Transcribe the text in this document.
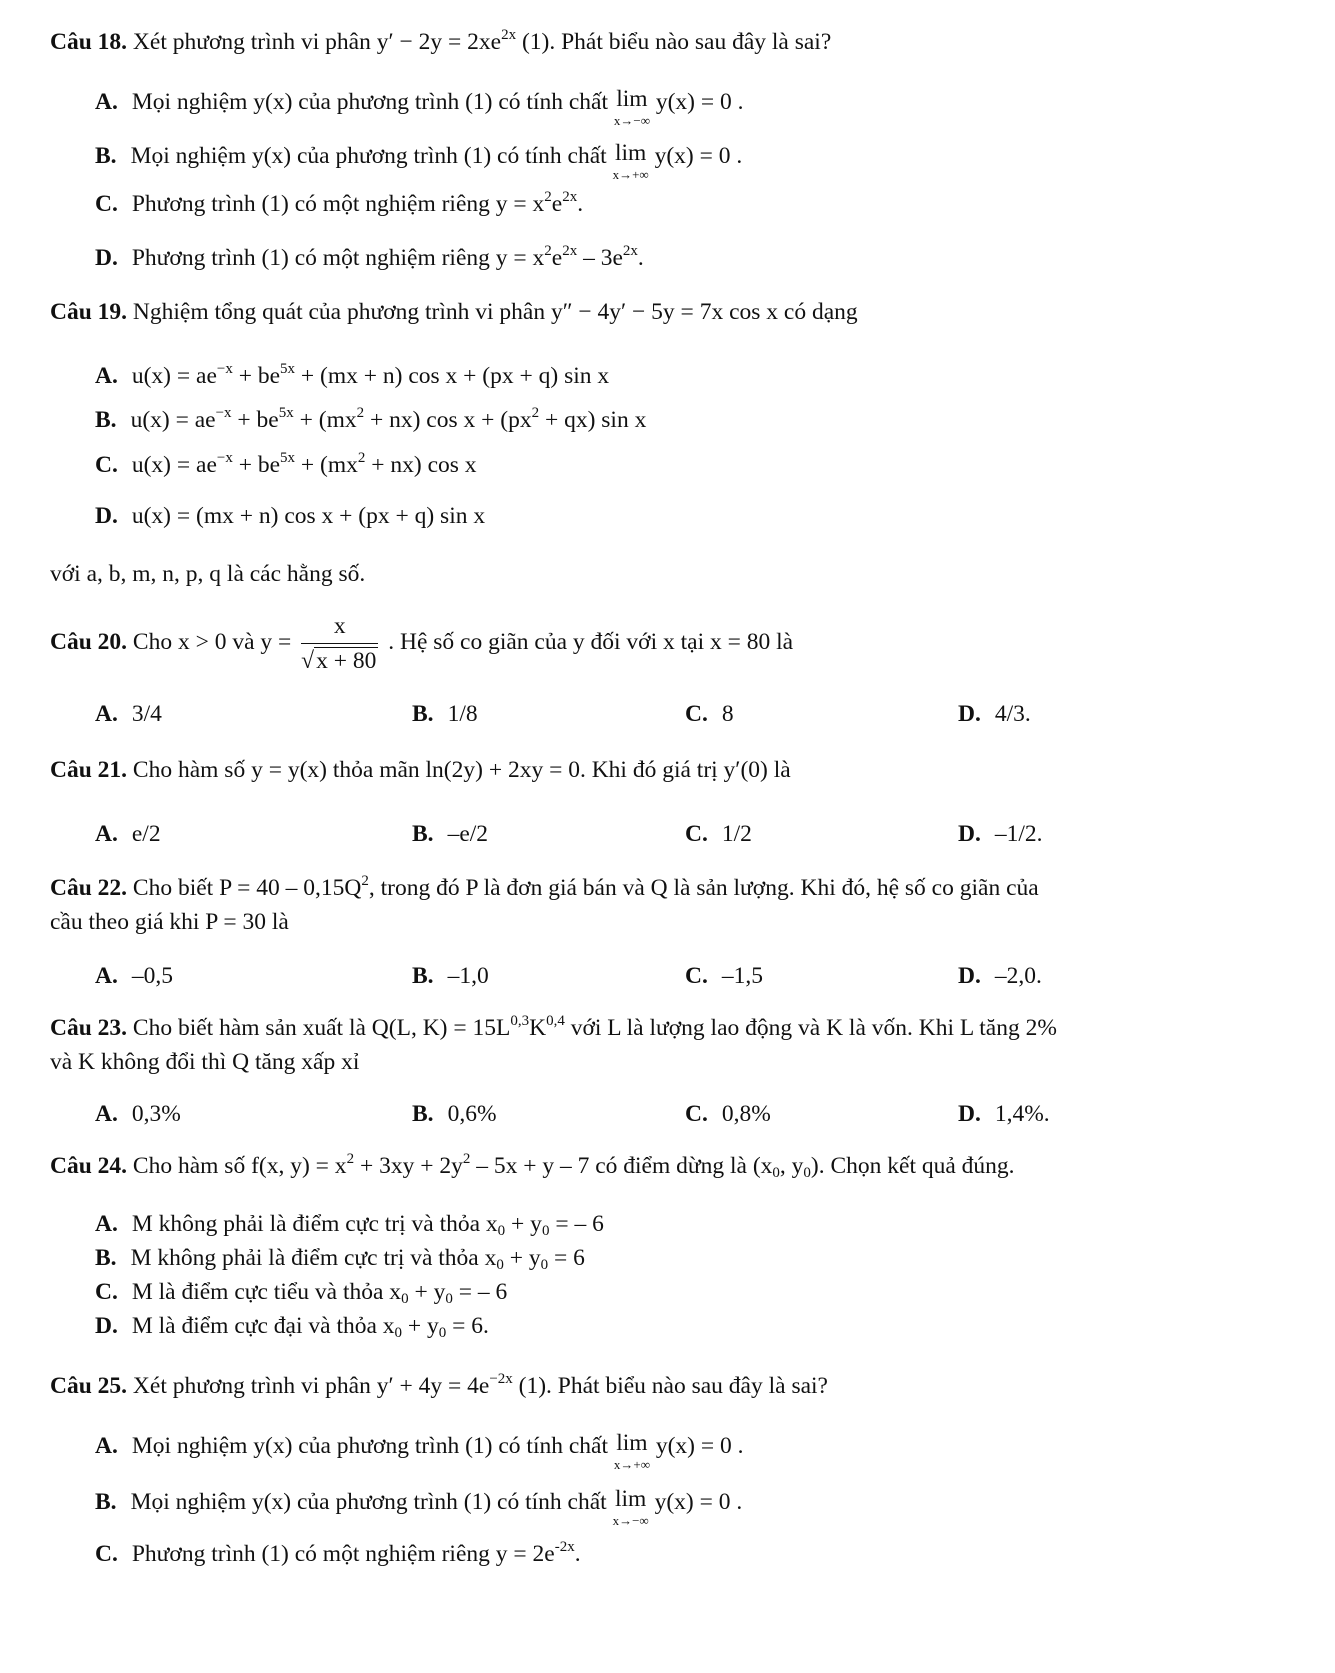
Câu 18. Xét phương trình vi phân $y' - 2y = 2xe^{2x}$ (1). Phát biểu nào sau đây là sai?
A. Mọi nghiệm y(x) của phương trình (1) có tính chất lim
x→−∞
y(x) = 0 .
B. Mọi nghiệm y(x) của phương trình (1) có tính chất lim
x→+∞
y(x) = 0 .
C. Phương trình (1) có một nghiệm riêng $y = x^2e^{2x}$.
D. Phương trình (1) có một nghiệm riêng $y = x^2e^{2x} - 3e^{2x}$.
Câu 19. Nghiệm tổng quát của phương trình vi phân y″ − 4y′ − 5y = 7x cos x có dạng
A. $u(x) = ae^{-x} + be^{5x} + (mx + n)$ cos x + (px + q) sin x
B. $u(x) = ae^{-x} + be^{5x} + (mx^2 + nx)$ $\cos x + (px^2 + qx)$ sin x
C. $u(x) = ae^{-x} + be^{5x} + (mx^2 + nx)$ cos x
D. u(x) = (mx + n) cos x + (px + q) sin x
với a, b, m, n, p, q là các hằng số.
Câu 20. Cho x > 0 và $y = \frac{x}{√x + 80}$ . Hệ số co giãn của y đối với x tại x = 80 là
A. 3/4	B. 1/8	C. 8	D. 4/3.
Câu 21. Cho hàm số y = y(x) thỏa mãn ln(2y) + 2xy = 0. Khi đó giá trị y′(0) là
A. e/2	B. –e/2	C. 1/2	D. –1/2.
Câu 22. Cho biết $P = 40 - 0,15Q^2$, trong đó P là đơn giá bán và Q là sản lượng. Khi đó, hệ số co giãn của
cầu theo giá khi P = 30 là
A. –0,5	B. –1,0	C. –1,5	D. –2,0.
Câu 23. Cho biết hàm sản xuất là Q(L, $K) = 15L^{0,3}K^{0,4}$ với L là lượng lao động và K là vốn. Khi L tăng 2%
và K không đổi thì Q tăng xấp xỉ
A. 0,3%	B. 0,6%	C. 0,8%	D. 1,4%.
Câu 24. Cho hàm số f(x, $y) = x^2 + 3xy + 2y^2 - 5x + y - 7$ có điểm dừng là ($x_0$, $y_0$). Chọn kết quả đúng.
A. M không phải là điểm cực trị và thỏa $x_0 + y_0$ = – 6
B. M không phải là điểm cực trị và thỏa $x_0 + y_0 = 6$
C. M là điểm cực tiểu và thỏa $x_0 + y_0$ = – 6
D. M là điểm cực đại và thỏa $x_0 + y_0 = 6$.
Câu 25. Xét phương trình vi phân $y' + 4y = 4e^{-2x}$ (1). Phát biểu nào sau đây là sai?
A. Mọi nghiệm y(x) của phương trình (1) có tính chất lim
x→+∞
y(x) = 0 .
B. Mọi nghiệm y(x) của phương trình (1) có tính chất lim
x→−∞
y(x) = 0 .
C. Phương trình (1) có một nghiệm riêng $y = 2e^{-2x}$.
